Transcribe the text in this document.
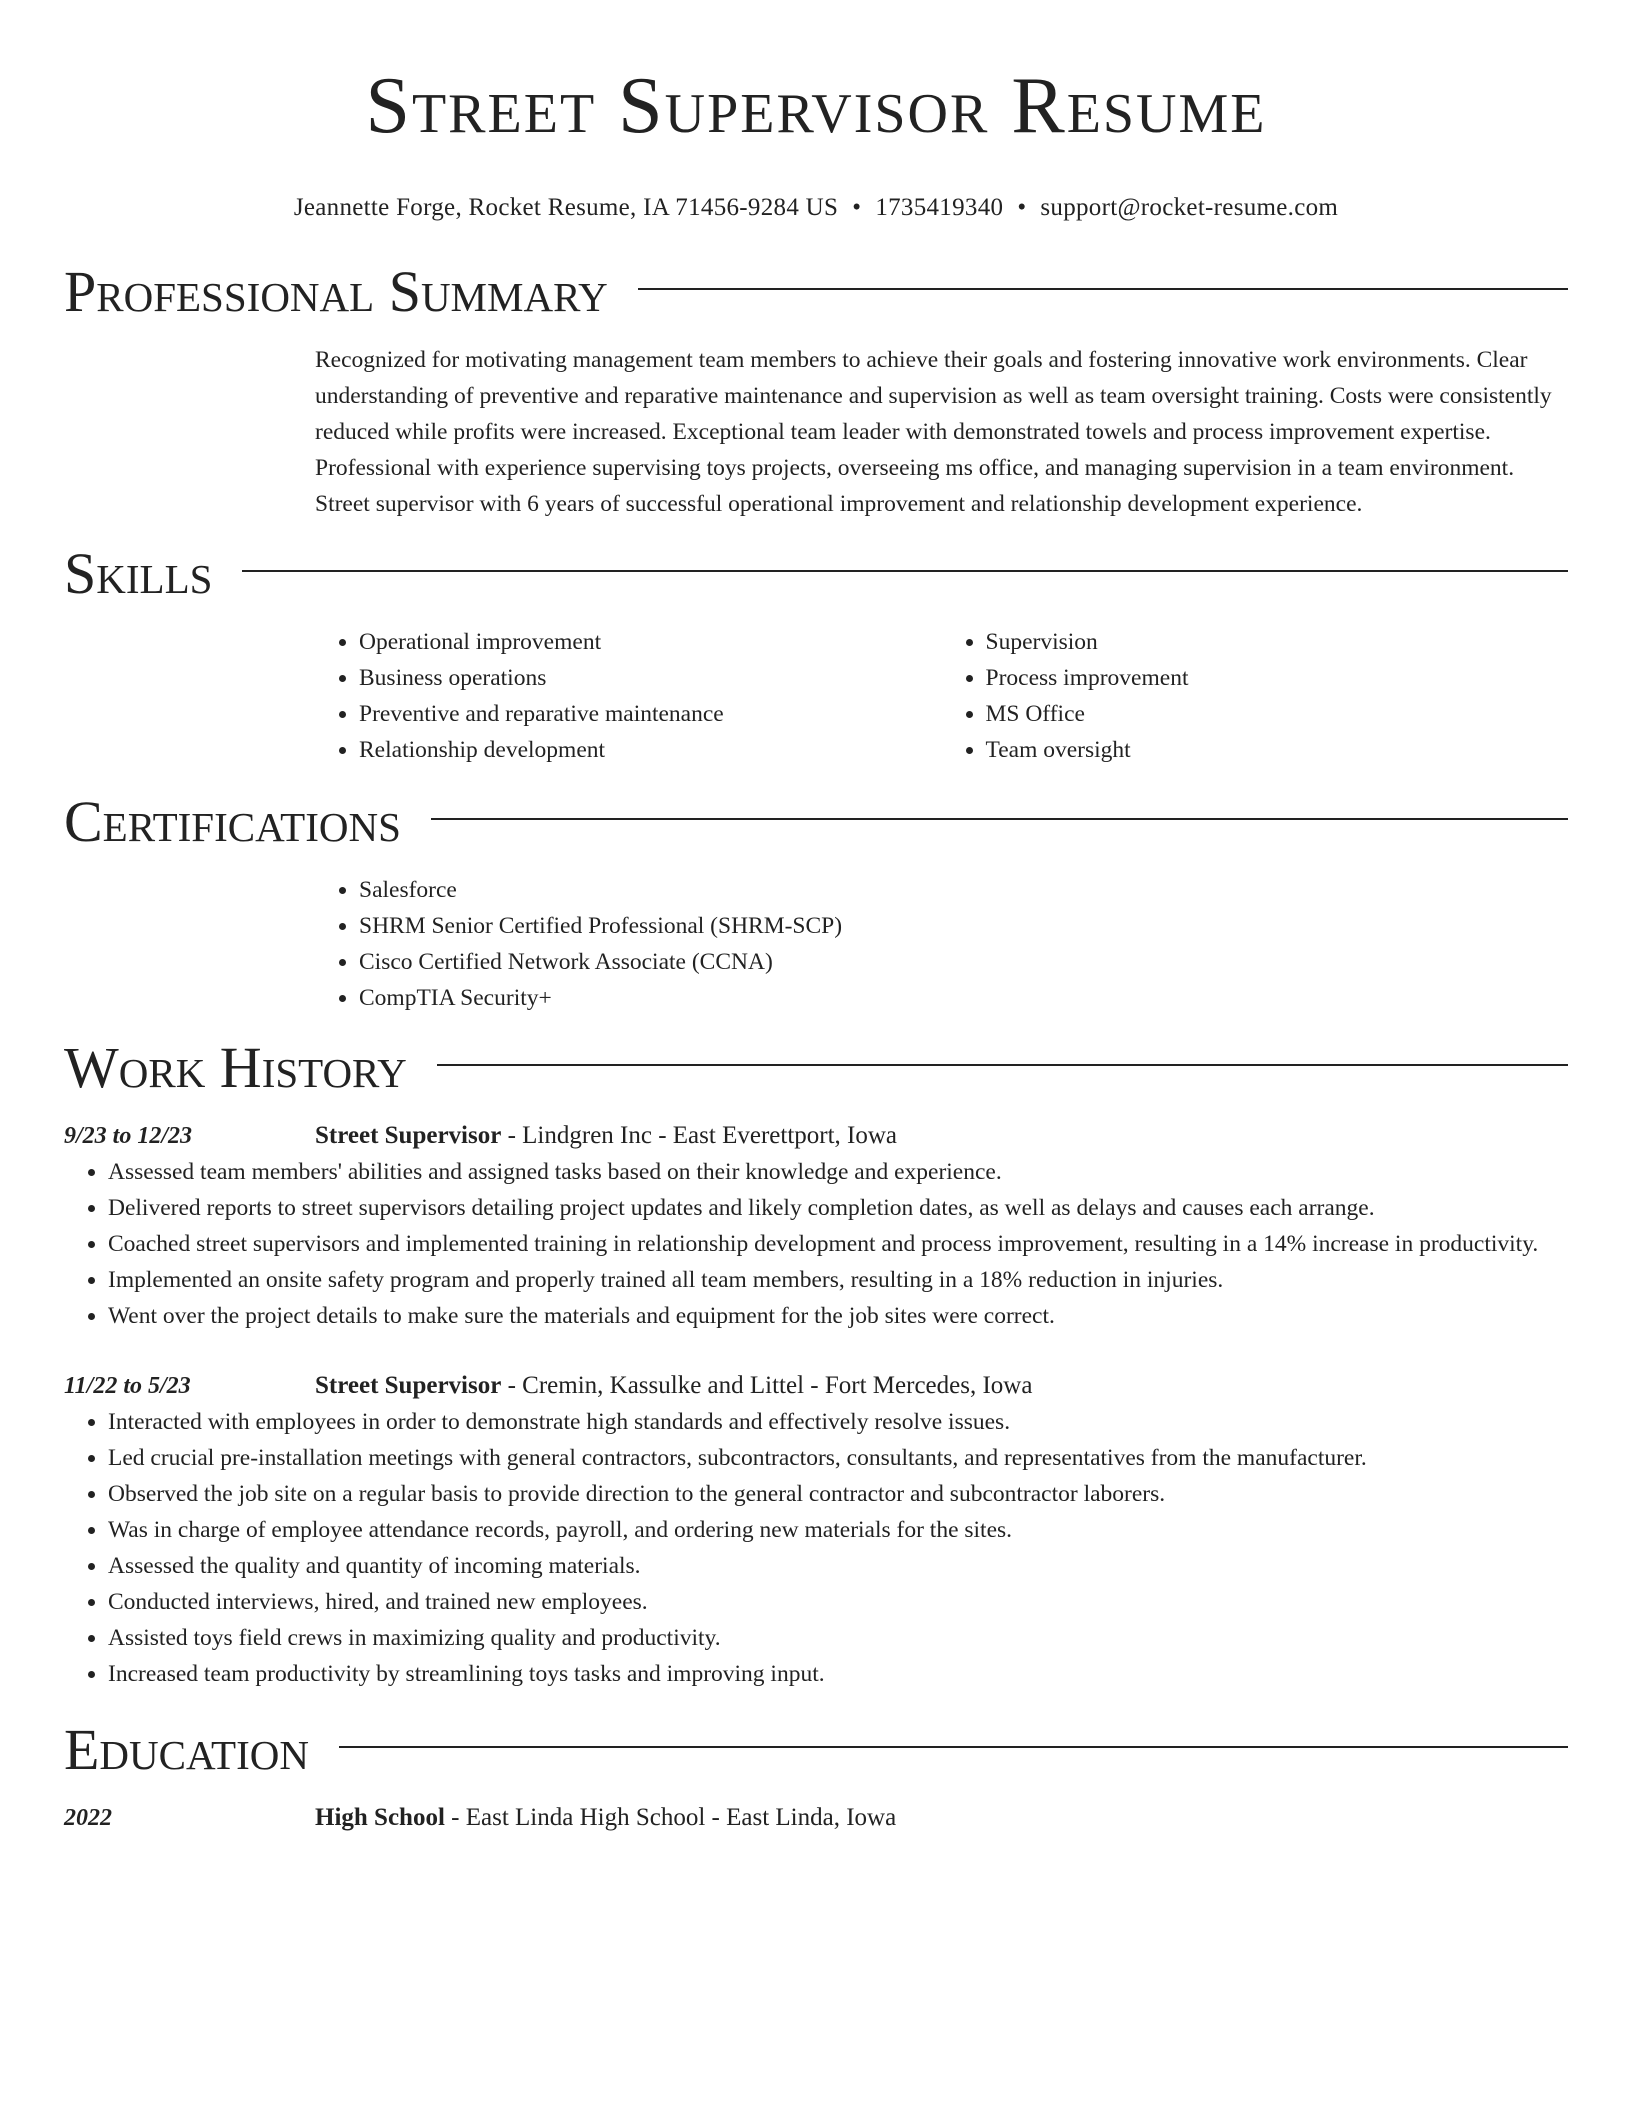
Street Supervisor Resume
Jeannette Forge, Rocket Resume, IA 71456-9284 US • 1735419340 • support@rocket-resume.com
Professional Summary

Recognized for motivating management team members to achieve their goals and fostering innovative work environments. Clear understanding of preventive and reparative maintenance and supervision as well as team oversight training. Costs were consistently reduced while profits were increased. Exceptional team leader with demonstrated towels and process improvement expertise. Professional with experience supervising toys projects, overseeing ms office, and managing supervision in a team environment. Street supervisor with 6 years of successful operational improvement and relationship development experience.

Skills
• Operational improvement
• Business operations
• Preventive and reparative maintenance
• Relationship development
• Supervision
• Process improvement
• MS Office
• Team oversight
Certifications
• Salesforce
• SHRM Senior Certified Professional (SHRM-SCP)
• Cisco Certified Network Associate (CCNA)
• CompTIA Security+
Work History
9/23 to 12/23	Street Supervisor - Lindgren Inc - East Everettport, Iowa
• Assessed team members' abilities and assigned tasks based on their knowledge and experience.
• Delivered reports to street supervisors detailing project updates and likely completion dates, as well as delays and causes each arrange.
• Coached street supervisors and implemented training in relationship development and process improvement, resulting in a 14% increase in productivity.
• Implemented an onsite safety program and properly trained all team members, resulting in a 18% reduction in injuries.
• Went over the project details to make sure the materials and equipment for the job sites were correct.
11/22 to 5/23	Street Supervisor - Cremin, Kassulke and Littel - Fort Mercedes, Iowa
• Interacted with employees in order to demonstrate high standards and effectively resolve issues.
• Led crucial pre-installation meetings with general contractors, subcontractors, consultants, and representatives from the manufacturer.
• Observed the job site on a regular basis to provide direction to the general contractor and subcontractor laborers.
• Was in charge of employee attendance records, payroll, and ordering new materials for the sites.
• Assessed the quality and quantity of incoming materials.
• Conducted interviews, hired, and trained new employees.
• Assisted toys field crews in maximizing quality and productivity.
• Increased team productivity by streamlining toys tasks and improving input.
Education
2022	High School - East Linda High School - East Linda, Iowa
